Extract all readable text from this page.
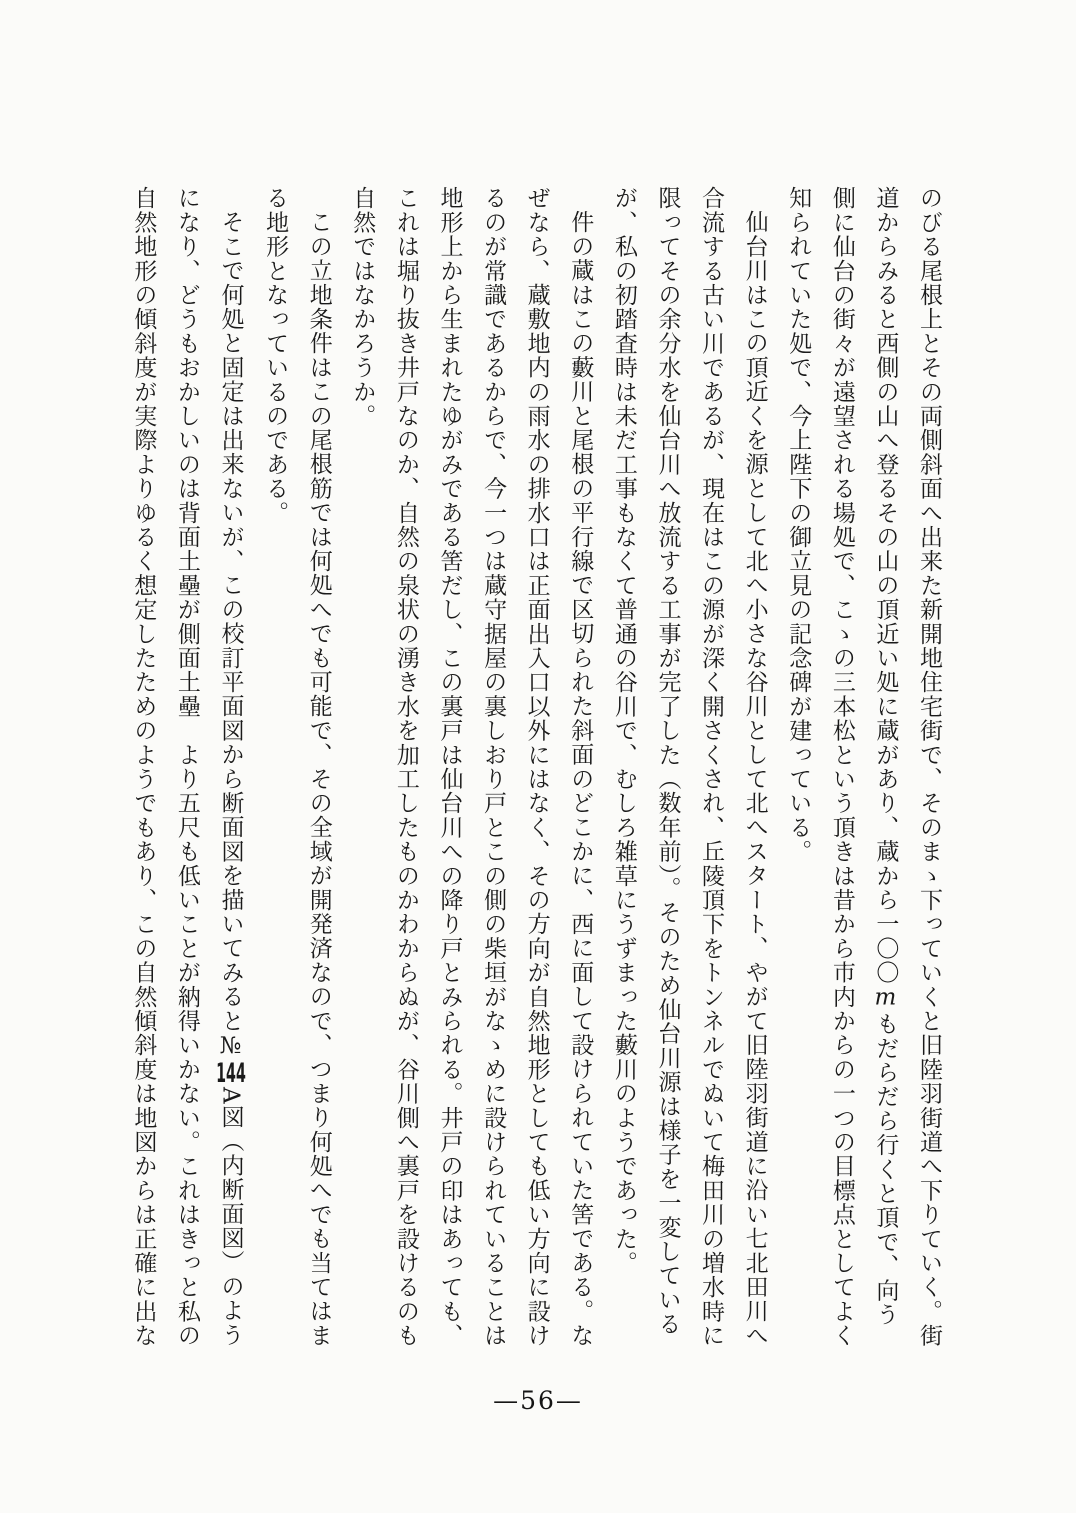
のびる尾根上とその両側斜面へ出来た新開地住宅街で、そのまゝ下っていくと旧陸羽街道へ下りていく。街道からみると西側の山へ登るその山の頂近い処に蔵があり、蔵から一〇〇mもだらだら行くと頂で、向う側に仙台の街々が遠望される場処で、こゝの三本松という頂きは昔から市内からの一つの目標点としてよく知られていた処で、今上陛下の御立見の記念碑が建っている。

仙台川はこの頂近くを源として北へ小さな谷川として北へスタート、やがて旧陸羽街道に沿い七北田川へ合流する古い川であるが、現在はこの源が深く開さくされ、丘陵頂下をトンネルでぬいて梅田川の増水時に限ってその余分水を仙台川へ放流する工事が完了した（数年前）。そのため仙台川源は様子を一変しているが、私の初踏査時は未だ工事もなくて普通の谷川で、むしろ雑草にうずまった藪川のようであった。

件の蔵はこの藪川と尾根の平行線で区切られた斜面のどこかに、西に面して設けられていた筈である。なぜなら、蔵敷地内の雨水の排水口は正面出入口以外にはなく、その方向が自然地形としても低い方向に設けるのが常識であるからで、今一つは蔵守据屋の裏しおり戸とこの側の柴垣がなゝめに設けられていることは地形上から生まれたゆがみである筈だし、この裏戸は仙台川への降り戸とみられる。井戸の印はあっても、これは堀り抜き井戸なのか、自然の泉状の湧き水を加工したものかわからぬが、谷川側へ裏戸を設けるのも自然ではなかろうか。

この立地条件はこの尾根筋では何処へでも可能で、その全域が開発済なので、つまり何処へでも当てはまる地形となっているのである。

そこで何処と固定は出来ないが、この校訂平面図から断面図を描いてみると№144A図（内断面図）のようになり、どうもおかしいのは背面土壘が側面土壘　より五尺も低いことが納得いかない。これはきっと私の自然地形の傾斜度が実際よりゆるく想定したためのようでもあり、この自然傾斜度は地図からは正確に出な

—56—
